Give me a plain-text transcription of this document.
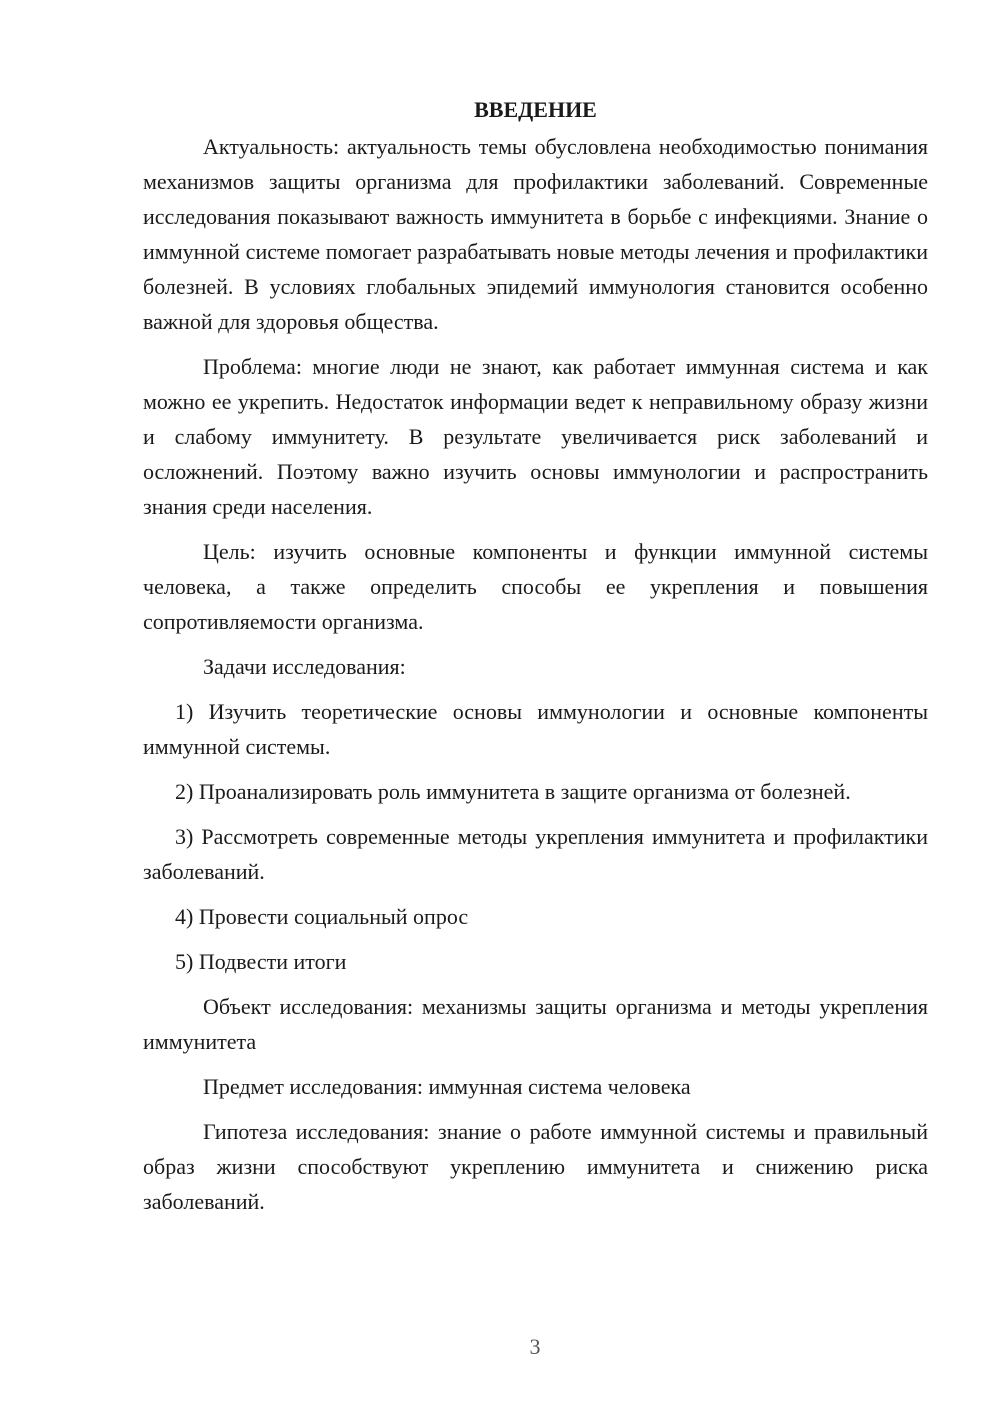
ВВЕДЕНИЕ

Актуальность: актуальность темы обусловлена необходимостью понимания механизмов защиты организма для профилактики заболеваний. Современные исследования показывают важность иммунитета в борьбе с инфекциями. Знание о иммунной системе помогает разрабатывать новые методы лечения и профилактики болезней. В условиях глобальных эпидемий иммунология становится особенно важной для здоровья общества.

Проблема: многие люди не знают, как работает иммунная система и как можно ее укрепить. Недостаток информации ведет к неправильному образу жизни и слабому иммунитету. В результате увеличивается риск заболеваний и осложнений. Поэтому важно изучить основы иммунологии и распространить знания среди населения.

Цель: изучить основные компоненты и функции иммунной системы человека, а также определить способы ее укрепления и повышения сопротивляемости организма.

Задачи исследования:

1) Изучить теоретические основы иммунологии и основные компоненты иммунной системы.

2) Проанализировать роль иммунитета в защите организма от болезней.

3) Рассмотреть современные методы укрепления иммунитета и профилактики заболеваний.

4) Провести социальный опрос

5) Подвести итоги

Объект исследования: механизмы защиты организма и методы укрепления иммунитета

Предмет исследования: иммунная система человека

Гипотеза исследования: знание о работе иммунной системы и правильный образ жизни способствуют укреплению иммунитета и снижению риска заболеваний.

3
